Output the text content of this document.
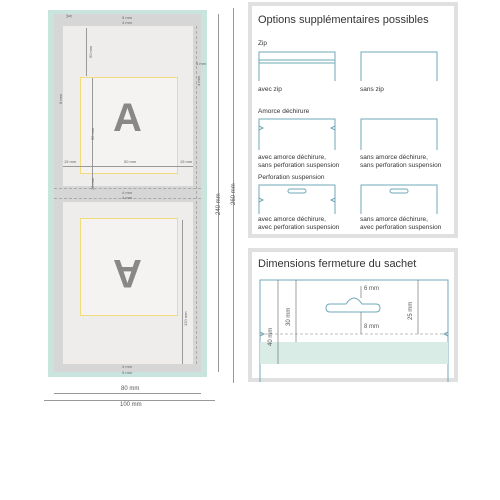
✂	5 mm
4 mm
A
A
4 mm
4 mm
3 mm
90 mm
55 mm
8 mm
4 mm
15 mm	50 mm	15 mm
20 mm
120 mm
4 mm
5 mm
240 mm 260 mm
80 mm
100 mm
Options supplémentaires possibles
Zip
avec zip	sans zip
Amorce déchirure
avec amorce déchirure,
sans perforation suspension
sans amorce déchirure,
sans perforation suspension
Perforation suspension
avec amorce déchirure,
avec perforation suspension
sans amorce déchirure,
avec perforation suspension
Dimensions fermeture du sachet
40 mm
30 mm
6 mm
8 mm
25 mm
